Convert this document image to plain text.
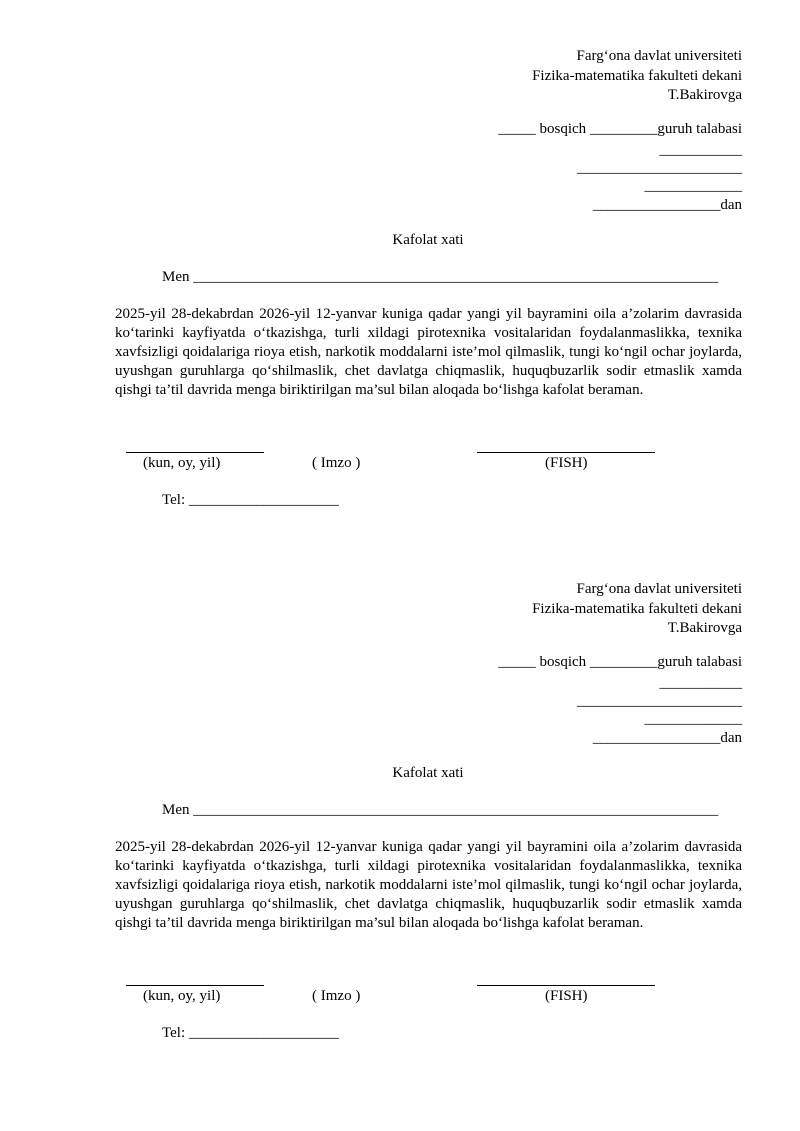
Farg‘ona davlat universiteti
Fizika-matematika fakulteti dekani
T.Bakirovga
_____ bosqich _________guruh talabasi
___________
______________________
_____________
_________________dan
Kafolat xati
Men ______________________________________________________________________
2025-yil 28-dekabrdan 2026-yil 12-yanvar kuniga qadar yangi yil bayramini oila a’zolarim davrasida ko‘tarinki kayfiyatda o‘tkazishga, turli xildagi pirotexnika vositalaridan foydalanmaslikka, texnika xavfsizligi qoidalariga rioya etish, narkotik moddalarni iste’mol qilmaslik, tungi ko‘ngil ochar joylarda, uyushgan guruhlarga qo‘shilmaslik, chet davlatga chiqmaslik, huquqbuzarlik sodir etmaslik xamda qishgi ta’til davrida menga biriktirilgan ma’sul bilan aloqada bo‘lishga kafolat beraman.
(kun, oy, yil)	( Imzo )	(FISH)
Tel: ____________________
Farg‘ona davlat universiteti
Fizika-matematika fakulteti dekani
T.Bakirovga
_____ bosqich _________guruh talabasi
___________
______________________
_____________
_________________dan
Kafolat xati
Men ______________________________________________________________________
2025-yil 28-dekabrdan 2026-yil 12-yanvar kuniga qadar yangi yil bayramini oila a’zolarim davrasida ko‘tarinki kayfiyatda o‘tkazishga, turli xildagi pirotexnika vositalaridan foydalanmaslikka, texnika xavfsizligi qoidalariga rioya etish, narkotik moddalarni iste’mol qilmaslik, tungi ko‘ngil ochar joylarda, uyushgan guruhlarga qo‘shilmaslik, chet davlatga chiqmaslik, huquqbuzarlik sodir etmaslik xamda qishgi ta’til davrida menga biriktirilgan ma’sul bilan aloqada bo‘lishga kafolat beraman.
(kun, oy, yil)	( Imzo )	(FISH)
Tel: ____________________
